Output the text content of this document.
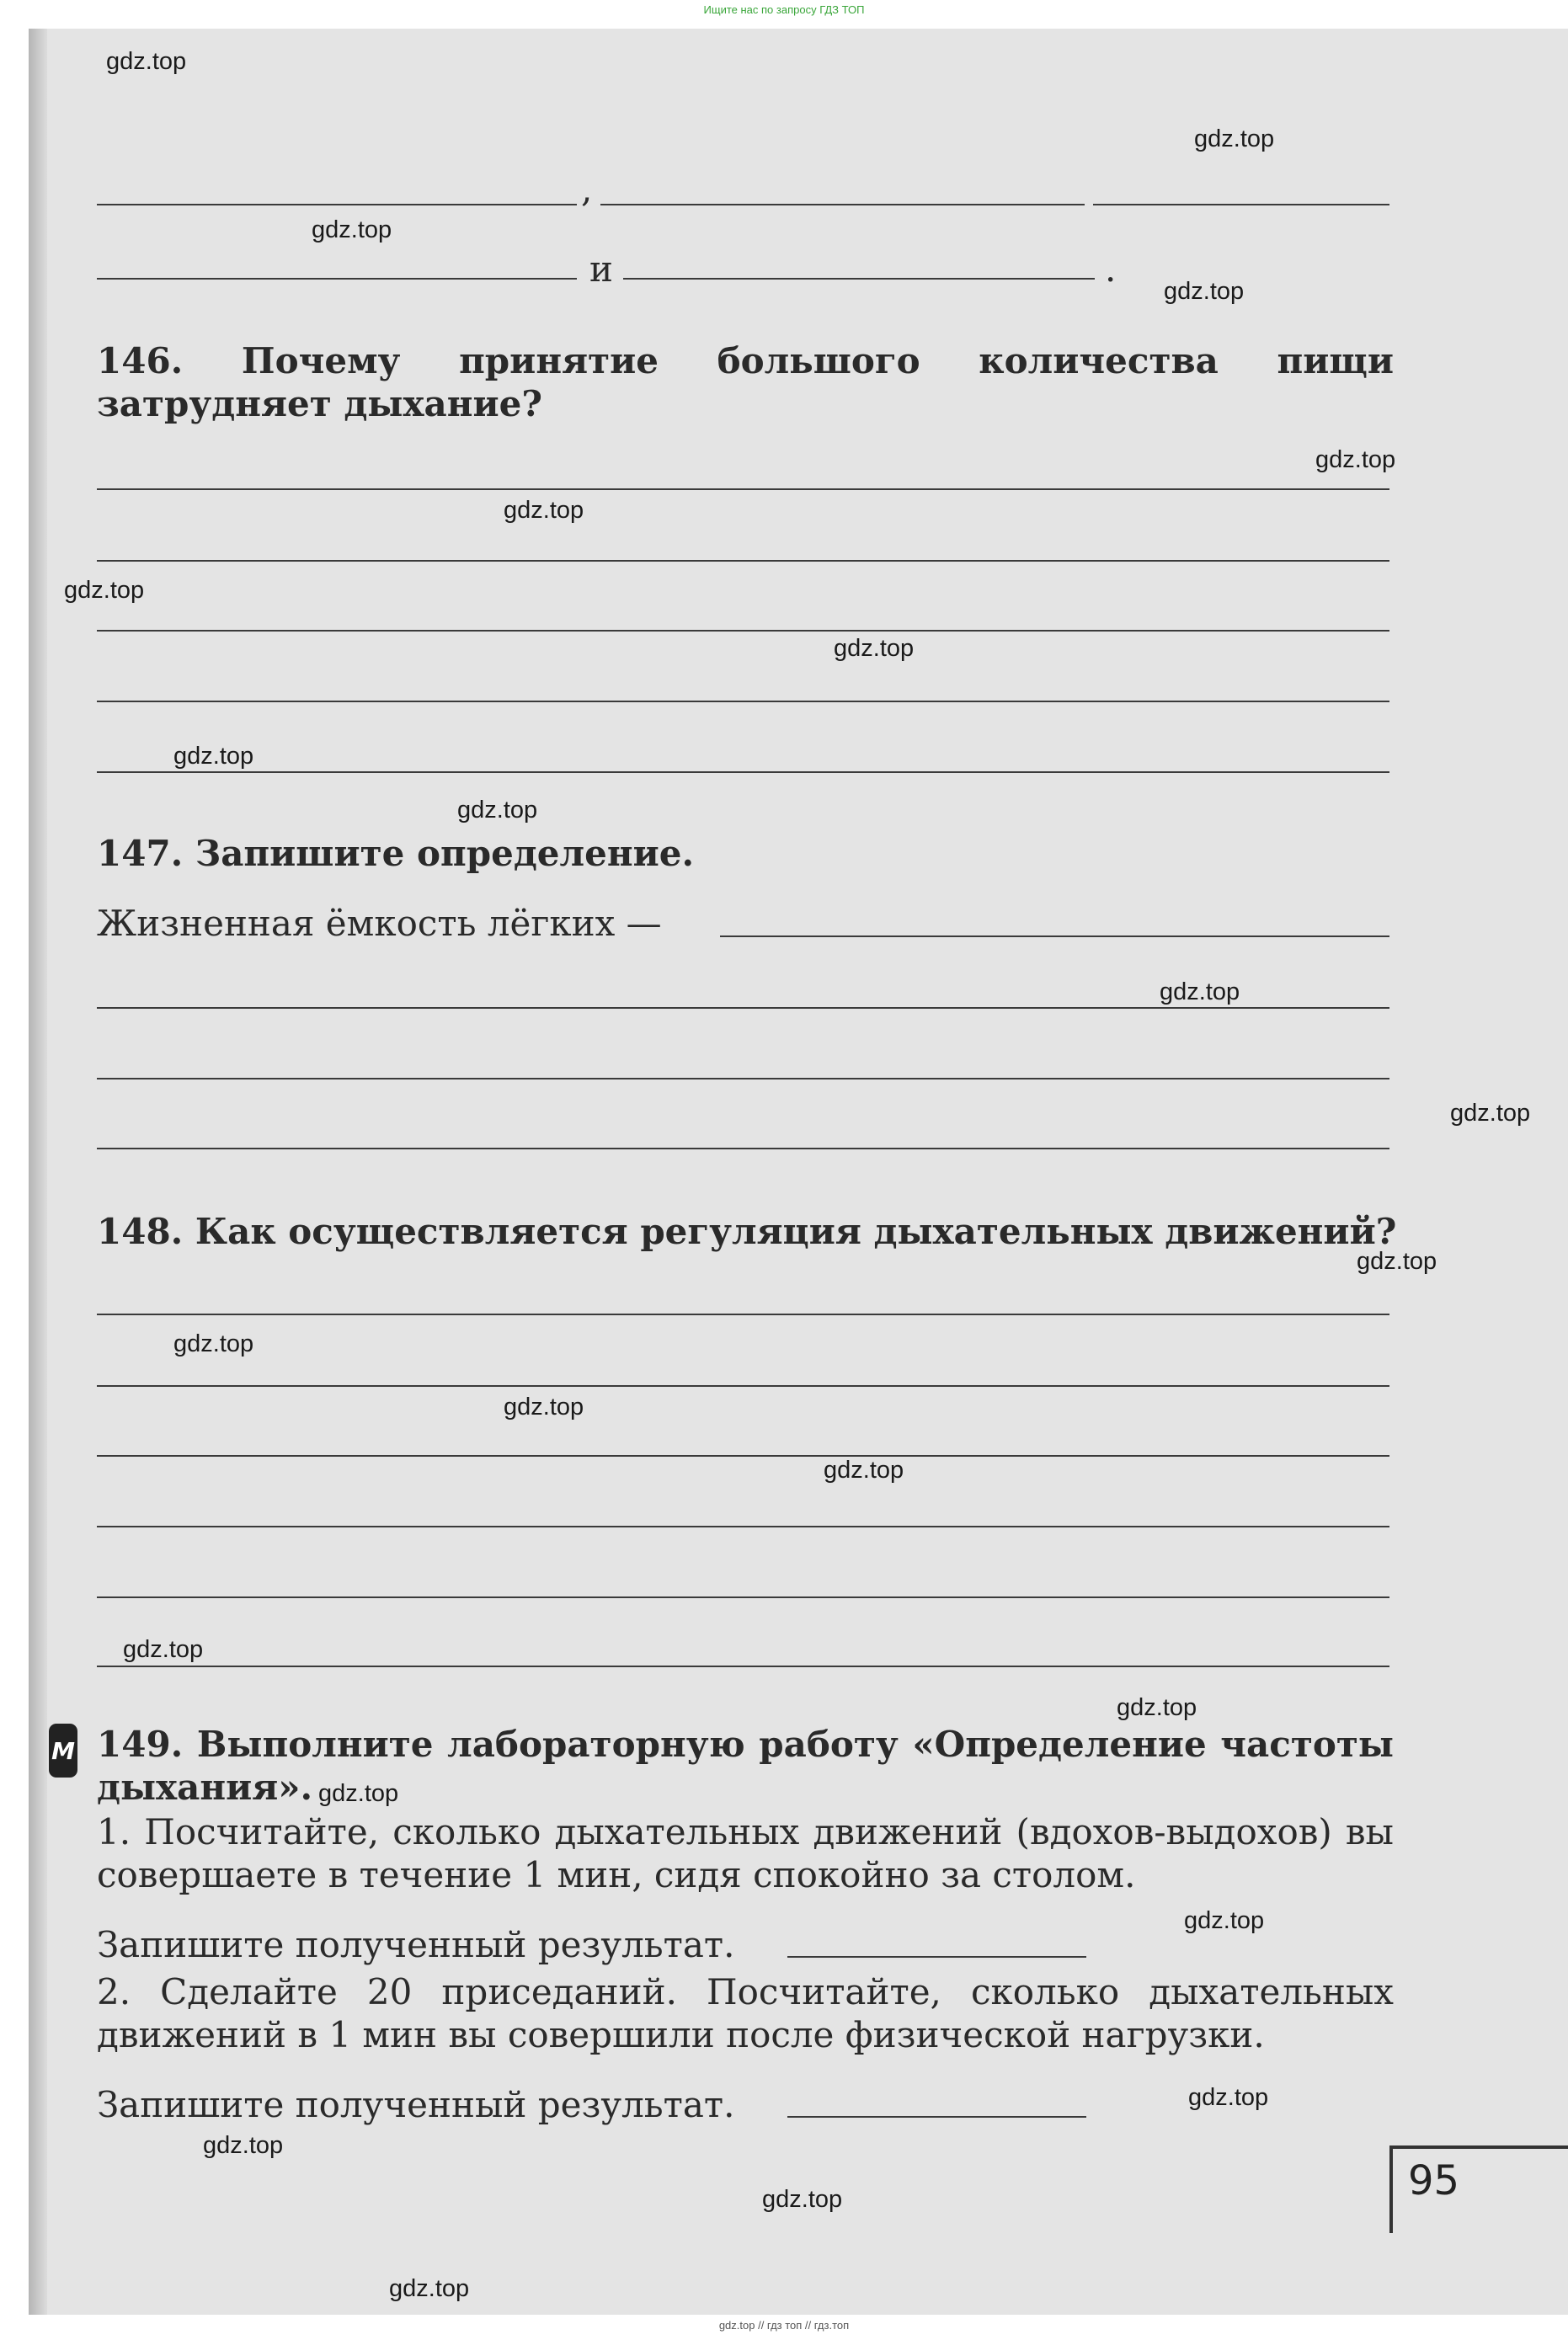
Ищите нас по запросу ГДЗ ТОП
gdz.top
gdz.top
gdz.top
gdz.top
gdz.top
gdz.top
gdz.top
gdz.top
gdz.top
gdz.top
gdz.top
gdz.top
gdz.top
gdz.top
gdz.top
gdz.top
gdz.top
gdz.top
gdz.top
gdz.top
gdz.top
gdz.top
gdz.top
gdz.top
,
и	.
146. Почему принятие большого количества пищи затрудняет дыхание?
147. Запишите определение.
Жизненная ёмкость лёгких —
148. Как осуществляется регуляция дыхательных движений?
М 149. Выполните лабораторную работу «Определение частоты дыхания».
1. Посчитайте, сколько дыхательных движений (вдохов-выдохов) вы совершаете в течение 1 мин, сидя спокойно за столом.
Запишите полученный результат.
2. Сделайте 20 приседаний. Посчитайте, сколько дыхательных движений в 1 мин вы совершили после физической нагрузки.
Запишите полученный результат.
95
gdz.top // гдз топ // гдз.топ
